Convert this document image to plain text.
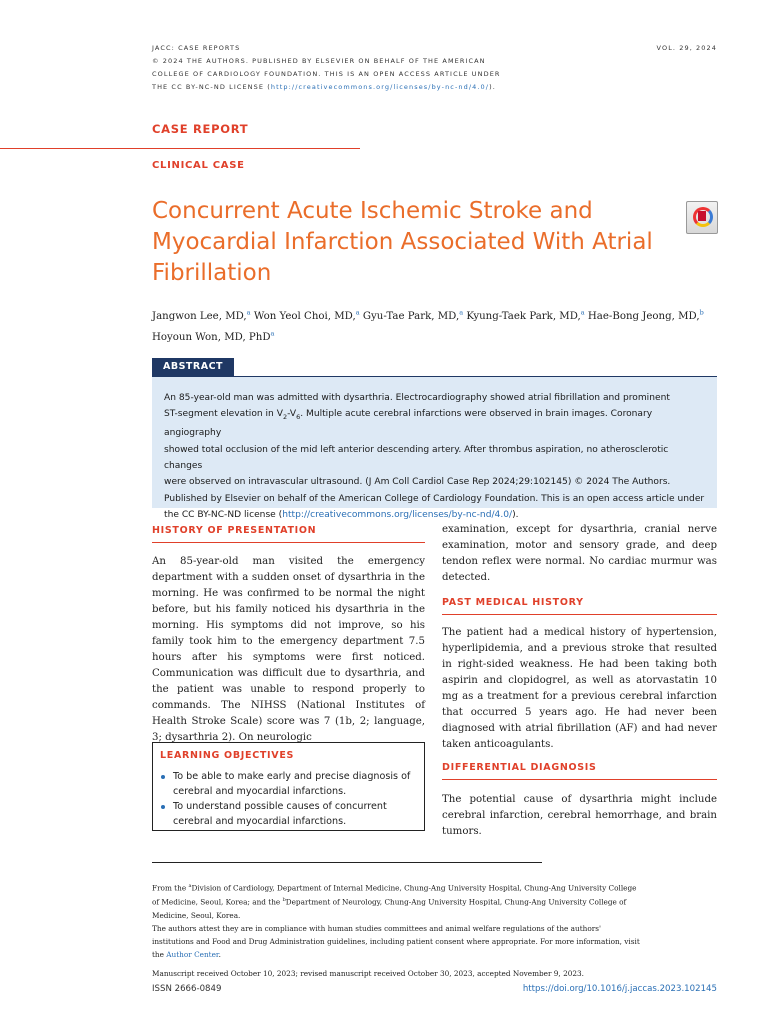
JACC: CASE REPORTS
© 2024 THE AUTHORS. PUBLISHED BY ELSEVIER ON BEHALF OF THE AMERICAN
COLLEGE OF CARDIOLOGY FOUNDATION. THIS IS AN OPEN ACCESS ARTICLE UNDER
THE CC BY-NC-ND LICENSE (http://creativecommons.org/licenses/by-nc-nd/4.0/).
VOL. 29, 2024
CASE REPORT
CLINICAL CASE
Concurrent Acute Ischemic Stroke and Myocardial Infarction Associated With Atrial Fibrillation
Jangwon Lee, MD,$^a$ Won Yeol Choi, MD,$^a$ Gyu-Tae Park, MD,$^a$ Kyung-Taek Park, MD,$^a$ Hae-Bong Jeong, MD,$^b$
Hoyoun Won, MD, PhD$^a$
ABSTRACT

An 85-year-old man was admitted with dysarthria. Electrocardiography showed atrial fibrillation and prominent
ST-segment elevation in $V_2-V_6$. Multiple acute cerebral infarctions were observed in brain images. Coronary angiography
showed total occlusion of the mid left anterior descending artery. After thrombus aspiration, no atherosclerotic changes
were observed on intravascular ultrasound. (J Am Coll Cardiol Case Rep 2024;29:102145) © 2024 The Authors.
Published by Elsevier on behalf of the American College of Cardiology Foundation. This is an open access article under
the CC BY-NC-ND license (http://creativecommons.org/licenses/by-nc-nd/4.0/).

HISTORY OF PRESENTATION

An 85-year-old man visited the emergency department with a sudden onset of dysarthria in the morning. He was confirmed to be normal the night before, but his family noticed his dysarthria in the morning. His symptoms did not improve, so his family took him to the emergency department 7.5 hours after his symptoms were first noticed. Communication was difficult due to dysarthria, and the patient was unable to respond properly to commands. The NIHSS (National Institutes of Health Stroke Scale) score was 7 (1b, 2; language, 3; dysarthria 2). On neurologic

LEARNING OBJECTIVES
To be able to make early and precise diagnosis of cerebral and myocardial infarctions.
To understand possible causes of concurrent cerebral and myocardial infarctions.

examination, except for dysarthria, cranial nerve examination, motor and sensory grade, and deep tendon reflex were normal. No cardiac murmur was detected.

PAST MEDICAL HISTORY

The patient had a medical history of hypertension, hyperlipidemia, and a previous stroke that resulted in right-sided weakness. He had been taking both aspirin and clopidogrel, as well as atorvastatin 10 mg as a treatment for a previous cerebral infarction that occurred 5 years ago. He had never been diagnosed with atrial fibrillation (AF) and had never taken anticoagulants.

DIFFERENTIAL DIAGNOSIS

The potential cause of dysarthria might include cerebral infarction, cerebral hemorrhage, and brain tumors.

From the $^a$Division of Cardiology, Department of Internal Medicine, Chung-Ang University Hospital, Chung-Ang University College of Medicine, Seoul, Korea; and the $^b$Department of Neurology, Chung-Ang University Hospital, Chung-Ang University College of Medicine, Seoul, Korea.

The authors attest they are in compliance with human studies committees and animal welfare regulations of the authors' institutions and Food and Drug Administration guidelines, including patient consent where appropriate. For more information, visit the Author Center.

Manuscript received October 10, 2023; revised manuscript received October 30, 2023, accepted November 9, 2023.

ISSN 2666-0849	https://doi.org/10.1016/j.jaccas.2023.102145
